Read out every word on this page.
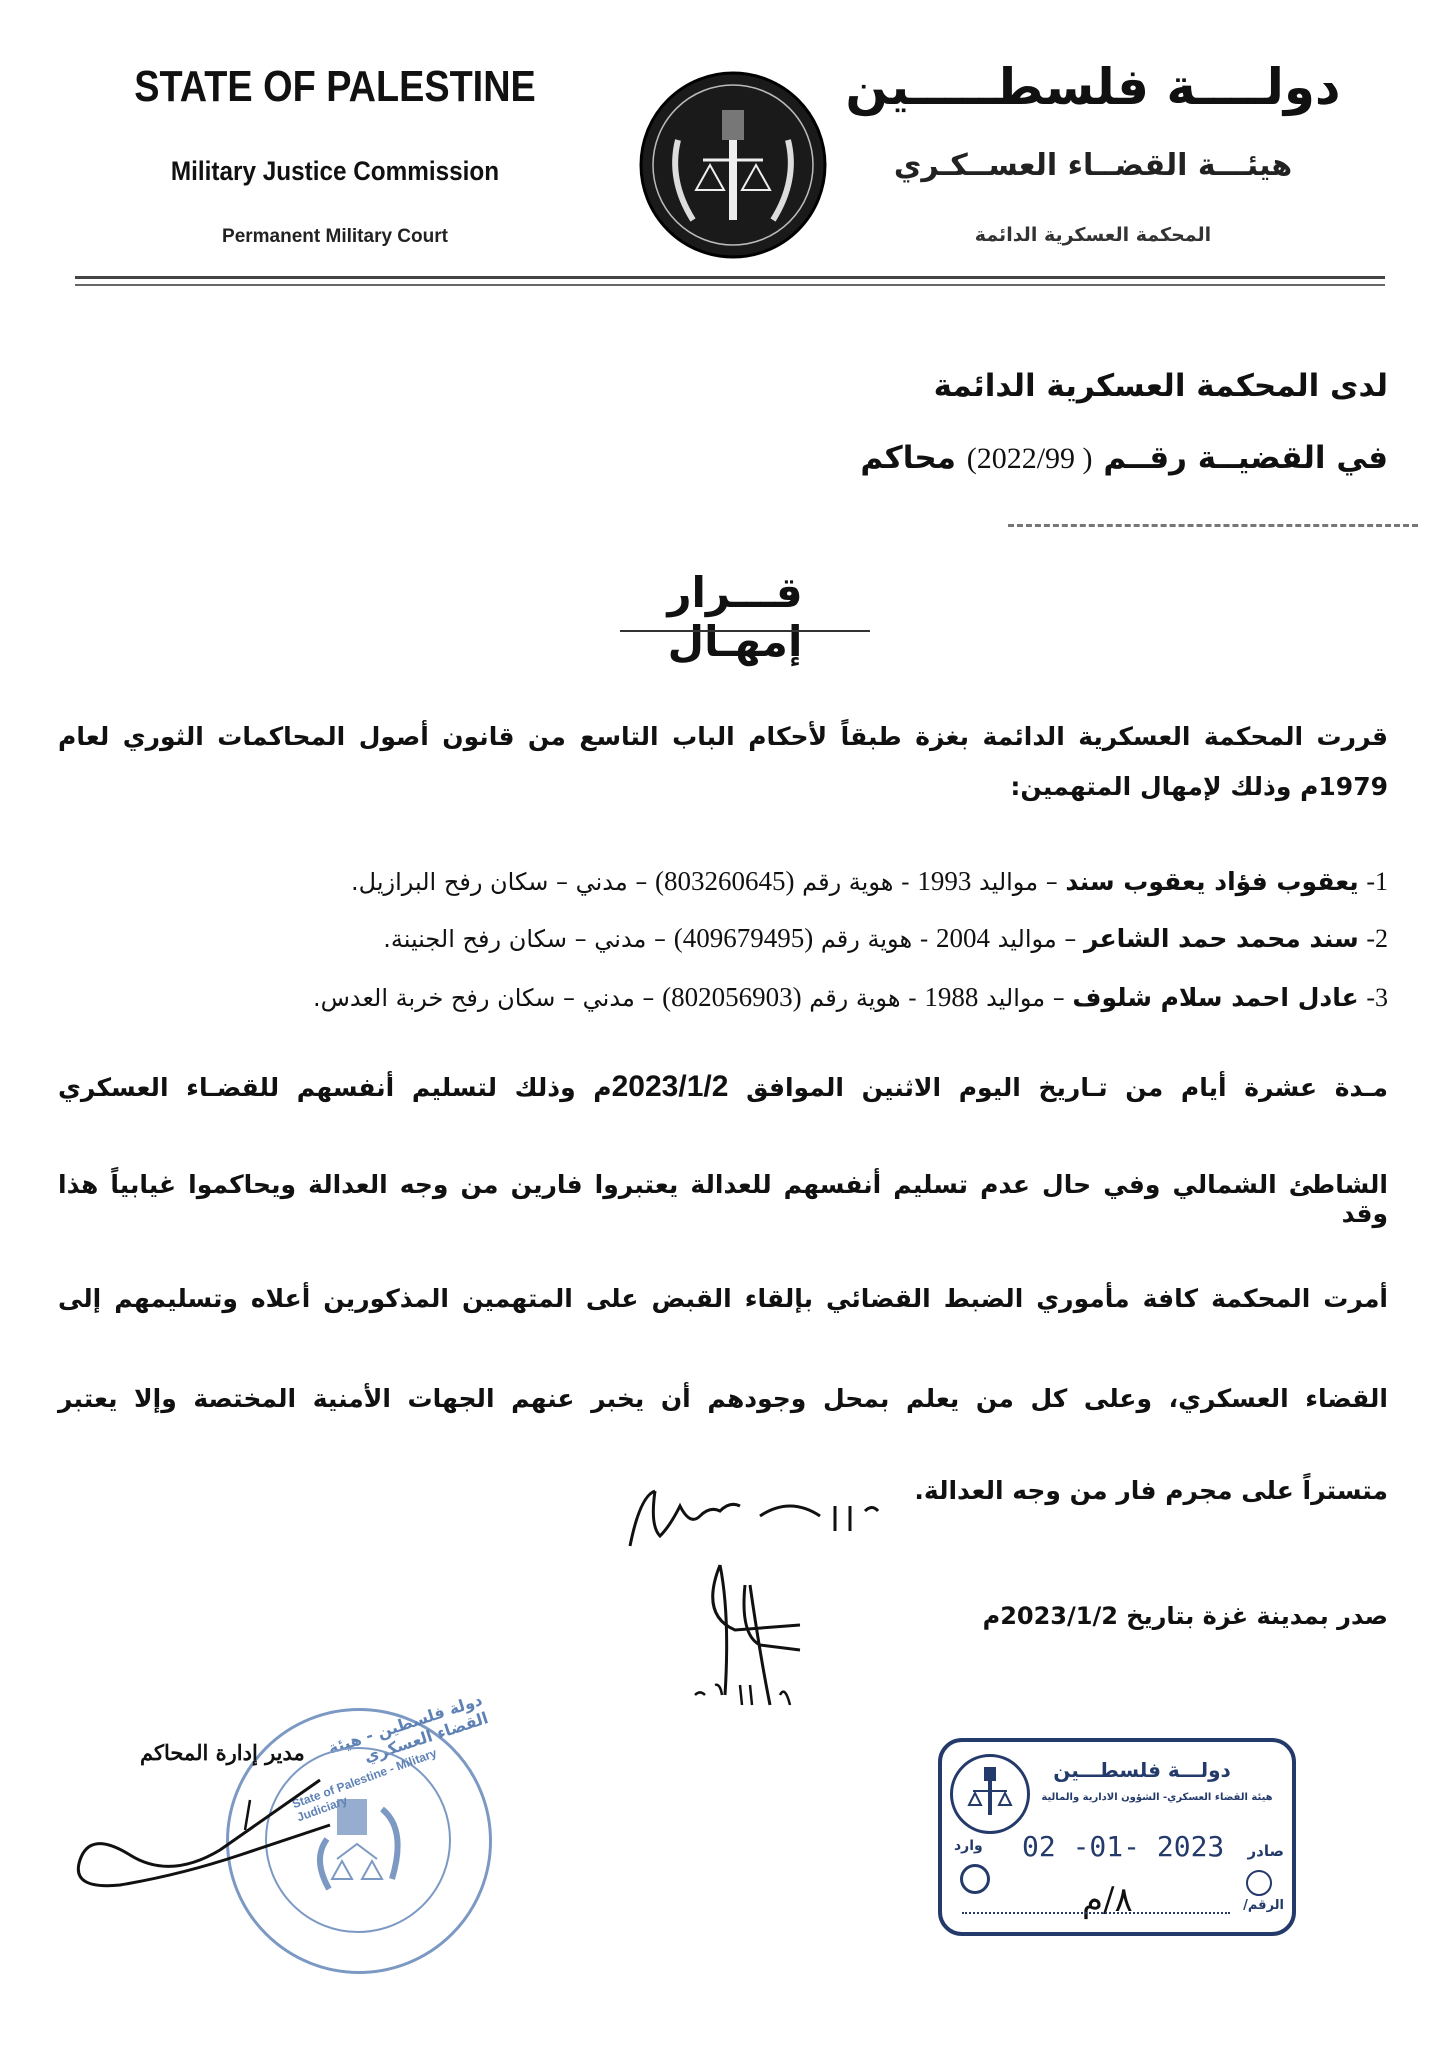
STATE OF PALESTINE
Military Justice Commission
Permanent Military Court
دولــــة فلسطـــــين
هيئـــة القضــاء العســكـري
المحكمة العسكرية الدائمة
لدى المحكمة العسكرية الدائمة
في القضيــة رقــم ( 2022/99) محاكم
قـــرار إمهـال
قررت المحكمة العسكرية الدائمة بغزة طبقاً لأحكام الباب التاسع من قانون أصول المحاكمات الثوري لعام
1979م وذلك لإمهال المتهمين:
1- يعقوب فؤاد يعقوب سند – مواليد 1993 - هوية رقم (803260645) – مدني – سكان رفح البرازيل.
2- سند محمد حمد الشاعر – مواليد 2004 - هوية رقم (409679495) – مدني – سكان رفح الجنينة.
3- عادل احمد سلام شلوف – مواليد 1988 - هوية رقم (802056903) – مدني – سكان رفح خربة العدس.
مـدة عشرة أيام من تـاريخ اليوم الاثنين الموافق 2023/1/2م وذلك لتسليم أنفسهم للقضـاء العسكري
الشاطئ الشمالي وفي حال عدم تسليم أنفسهم للعدالة يعتبروا فارين من وجه العدالة ويحاكموا غيابياً هذا وقد
أمرت المحكمة كافة مأموري الضبط القضائي بإلقاء القبض على المتهمين المذكورين أعلاه وتسليمهم إلى
القضاء العسكري، وعلى كل من يعلم بمحل وجودهم أن يخبر عنهم الجهات الأمنية المختصة وإلا يعتبر
متستراً على مجرم فار من وجه العدالة.
صدر بمدينة غزة بتاريخ 2023/1/2م
دولـــة فلسطـــين
هيئة القضاء العسكري- الشؤون الادارية والمالية
وارد 02 -01- 2023 صادر
٨/م	الرقم/
دولة فلسطين - هيئة القضاء العسكري
State of Palestine - Military Judiciary
مدير إدارة المحاكم
